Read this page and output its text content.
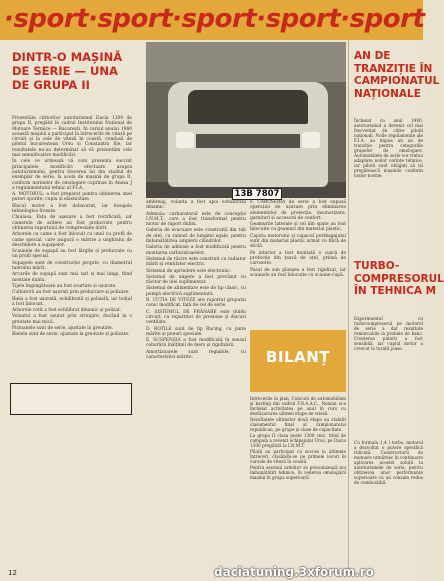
·sport·sport·sport·sport·sport
DINTR-O MAȘINĂ DE SERIE — UNA DE GRUPA II
13B 7807

Prezentăm cititorilor autoturismul Dacia 1300 de grupa II, pregătit în cadrul Institutului Național de Motoare Termice — București. În cursul anului 1980 această mașină a participat la întrecerile de viteză pe circuit și la cele de viteză în coastă, condusă de pilotul bucureștean Ursu și Constantin Ilie, iar rezultatele ne-au determinat să vă prezentăm cele mai semnificative modificări.

În cele ce urmează vă vom prezenta succint principalele modificări efectuate asupra autoturismului, pentru trecerea lui din stadiul de exemplar de serie, la acela de mașină de grupa II, conform normelor de omologare cuprinse în Anexa J a regulamentului tehnic al F.I.A.

A. MOTORUL: a fost preparat pentru obținerea unei puteri sporite, cuplu și elasticitate.

Blocul motor a fost debavurat, iar bosajele tehnologice frezate.

Chiulasa. Fața de așezare a fost rectificată, iar camerele de ardere au fost prelucrate pentru obținerea raportului de compresiune dorit.

Arborele cu came a fost înlocuit cu unul cu profil de came special, care asigură o mărire a unghiului de deschidere a supapelor.

Scaunele de supapă au fost lărgite și prelucrate cu un profil special.

Supapele sunt de construcție proprie, cu diametrul talerului mărit.

Arcurile de supapă sunt mai tari și mai lungi, fiind montate dublu.

Tijele împingătoare au fost scurtate și ușurate.

Culbutorii au fost ușurați prin prelucrare și polizare.

Biela a fost ușurată, echilibrată și polizată, iar bolțul a fost înlocuit.

Arborele cotit a fost echilibrat dinamic și polizat.

Volantul a fost ușurat prin strunjire, ducând la o greutate mai mică.

Pistoanele sunt de serie, ajustate la greutate.

Bielele sunt de serie, ajustate la greutate și polizate.

ambreiaj, volanta a fost apoi echilibrată dinamic.

Admisia: carburatorul este de concepție I.N.M.T., care a fost transformat pentru motor de raport dublu.

Galeria de evacuare este construită din tub de oțel, cu ramuri de lungimi egale, pentru îmbunătățirea umplerii cilindrilor.

Galeria de admisie a fost modificată pentru montarea carburatoarelor.

Sistemul de răcire este construit cu radiator mărit și ventilator electric.

Sistemul de aprindere este electronic.

Sistemul de ungere a fost prevăzut cu răcitor de ulei suplimentar.

Sistemul de alimentare este de tip clasic, cu pompă electrică suplimentară.

B. CUTIA DE VITEZE are raportul grupului conic modificat, față de cel de serie.

C. SISTEMUL DE FRÂNARE este dublu circuit, cu repartitor de presiune și discuri ventilate.

D. ROTILE sunt de tip Racing, cu jante mărite și pneuri speciale.

E. SUSPENSIA a fost modificată în sensul coborârii înălțimii de mers și rigidizării.

Amortizoarele sunt reglabile, cu caracteristici mărite.

F. CAROSERIA de serie a fost supusă operației de ușurare prin eliminarea elementelor de protecție, insonorizare, garnituri și accesorii de confort.

Geamurile laterale și cel din spate au fost înlocuite cu geamuri din material plastic.

Capota motorului și capacul portbagajului sunt din material plastic armat cu fibră de sticlă.

Pe interior a fost montată o cușcă de protecție din țeavă de oțel, prinsă de caroserie.

Pasul de sub planșeu a fost rigidizat, iar scaunele au fost înlocuite cu scaune-cupă.

BILANȚ

Intrecerile în plan, Concurs de automobilism și karting din cadrul F.R.A.A.C., Roman și-a încheiat activitatea pe anul în curs cu desfășurarea ultimei etape de viteză.

Rezultatele ultimelor două etape au stabilit clasamentul final al campionatului republican, pe grupe și clase de capacitate.

La grupa II clasa peste 1300 cmc, titlul de campion a revenit echipajului Ursu, pe Dacia 1300 pregătită la I.N.M.T.

Piloții au participat cu succes la ultimele întreceri, clasându-se pe primele locuri în cursele de viteză în coastă.

Pentru sezonul următor se preconizează noi îmbunătățiri tehnice, în vederea omologării mașinii în grupa superioară.

AN DE TRANZIȚIE ÎN CAMPIONATUL NAȚIONALE
Încheiat cu anul 1980, autoturismul a devenit cel mai frecventat de către piloții naționali. Noile regulamente ale F.I.A. au impus un an de tranziție pentru categoriile grupelor de omologare. Automobilele de serie vor trebui adaptate noilor cerințe tehnice, iar pilotii sunt obligați să își pregătească mașinile conform noilor norme.
TURBO-COMPRESORUL ÎN TEHNICA M
Experimentul cu turbocompresorul pe motorul de serie a dat rezultate remarcabile la probele de banc. Creșterea puterii a fost sensibilă, iar cuplul motor a crescut la turații joase.
Cu formula 1,4 l turbo, motorul a dezvoltat o putere specifică ridicată. Constructorii de motoare urmăresc în continuare aplicarea acestei soluții la autoturismele de serie, pentru obținerea unor performanțe superioare cu un consum redus de combustibil.
12	daciatuning.3xforum.ro
